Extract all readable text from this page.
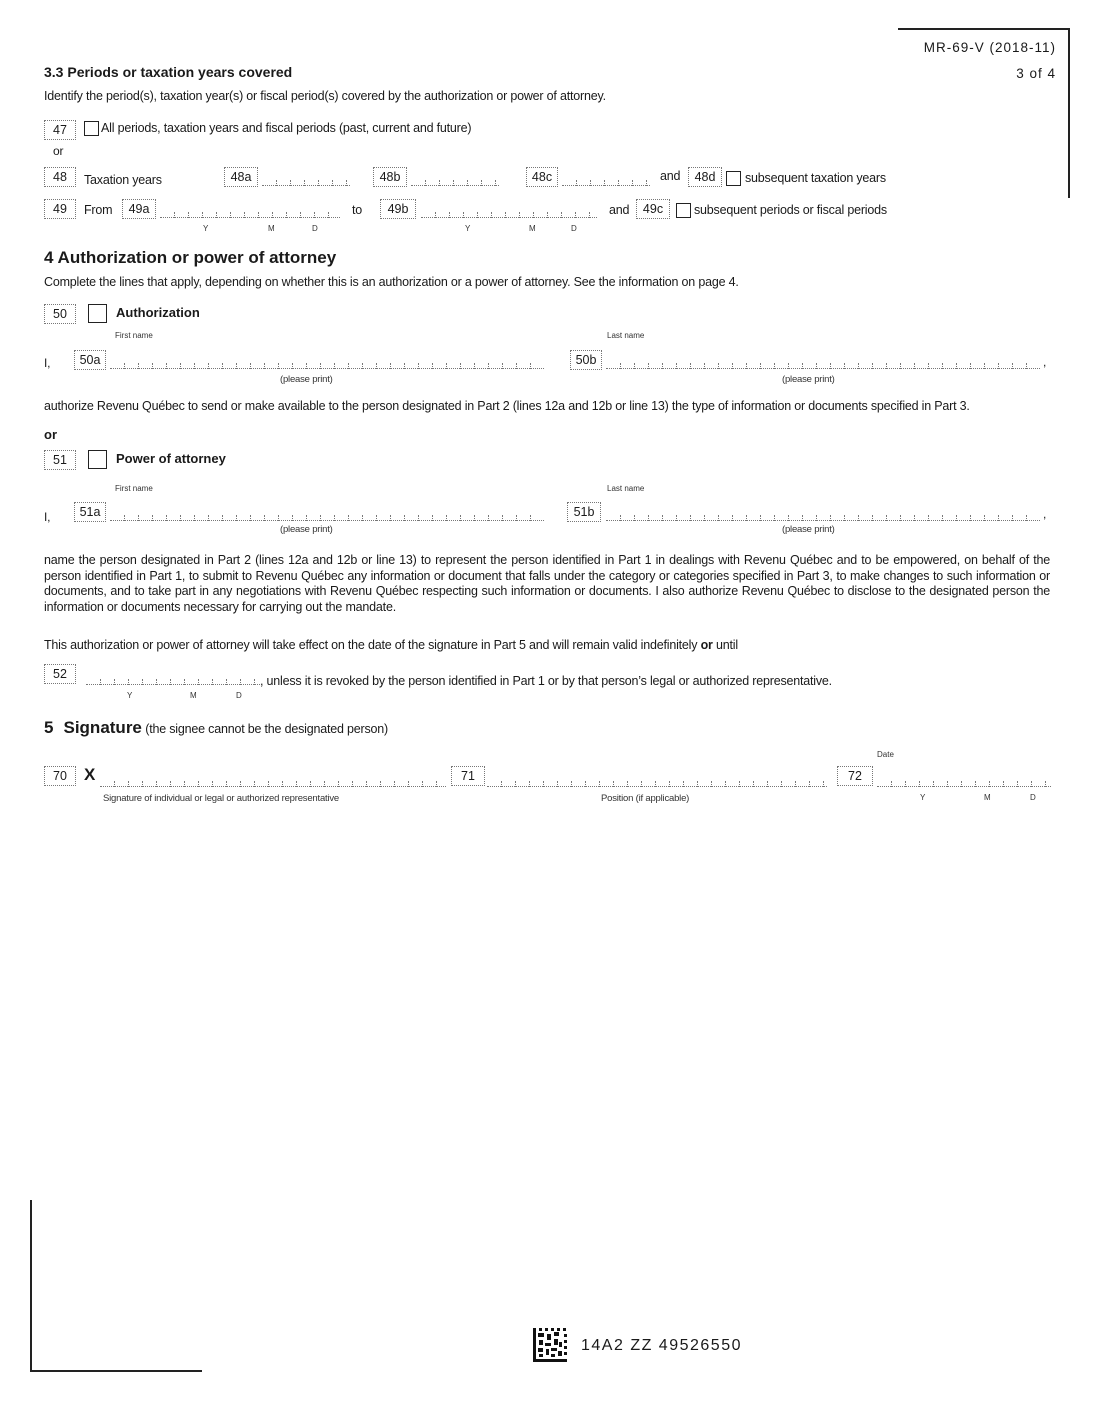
MR-69-V (2018-11)
3 of 4
3.3 Periods or taxation years covered
Identify the period(s), taxation year(s) or fiscal period(s) covered by the authorization or power of attorney.
47	All periods, taxation years and fiscal periods (past, current and future)
or
48	Taxation years	48a	48b	48c	and	48d	subsequent taxation years
49	From	49a
Y	M	D
to	49b
Y	M	D
and	49c	subsequent periods or fiscal periods
4 Authorization or power of attorney
Complete the lines that apply, depending on whether this is an authorization or a power of attorney. See the information on page 4.
50	Authorization
First name	Last name
I,	50a	50b	,
(please print)	(please print)
authorize Revenu Québec to send or make available to the person designated in Part 2 (lines 12a and 12b or line 13) the type of information or documents specified in Part 3.
or
51	Power of attorney
First name	Last name
I,	51a	51b	,
(please print)	(please print)
name the person designated in Part 2 (lines 12a and 12b or line 13) to represent the person identified in Part 1 in dealings with Revenu Québec and to be empowered, on behalf of the person identified in Part 1, to submit to Revenu Québec any information or document that falls under the category or categories specified in Part 3, to make changes to such information or documents, and to take part in any negotiations with Revenu Québec respecting such information or documents. I also authorize Revenu Québec to disclose to the designated person the information or documents necessary for carrying out the mandate.
This authorization or power of attorney will take effect on the date of the signature in Part 5 and will remain valid indefinitely or until
52	, unless it is revoked by the person identified in Part 1 or by that person’s legal or authorized representative.
Y	M	D
5 Signature (the signee cannot be the designated person)
Date
70	X
Signature of individual or legal or authorized representative
71
Position (if applicable)
72
Y	M	D
14A2 ZZ 49526550
